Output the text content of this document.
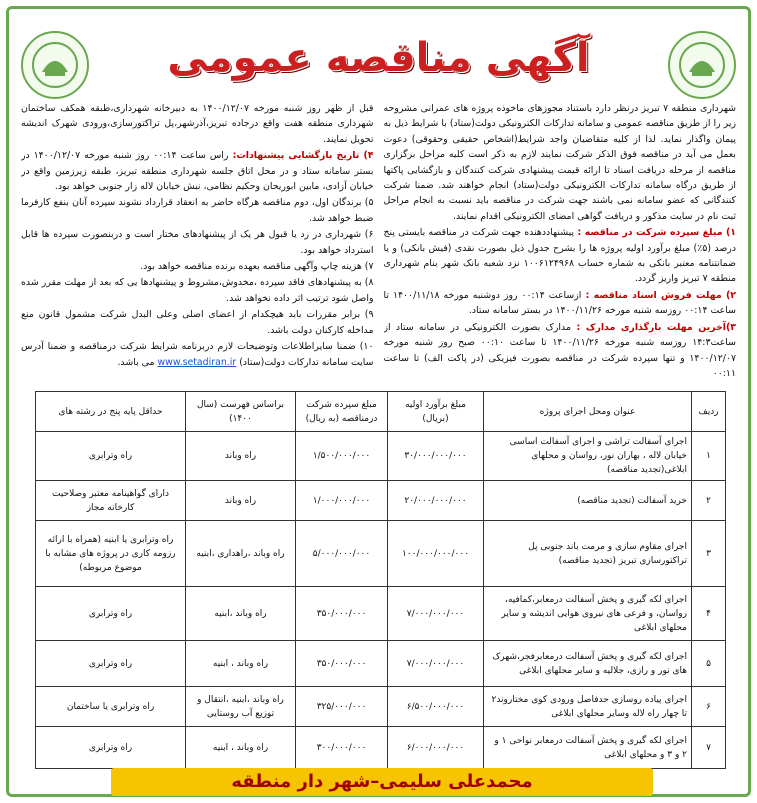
آگهی مناقصه عمومی

شهرداری منطقه ۷ تبریز درنظر دارد باستناد مجوزهای ماخوذه پروژه های عمرانی مشروحه زیر را از طریق مناقصه عمومی و سامانه تدارکات الکترونیکی دولت(ستاد) با شرایط ذیل به پیمان واگذار نماید. لذا از کلیه متقاضیان واجد شرایط(اشخاص حقیقی وحقوقی) دعوت بعمل می آید در مناقصه فوق الذکر شرکت نمایند لازم به ذکر است کلیه مراحل برگزاری مناقصه از مرحله دریافت اسناد تا ارائه قیمت پیشنهادی شرکت کنندگان و بازگشایی پاکتها از طریق درگاه سامانه تدارکات الکترونیکی دولت(ستاد) انجام خواهند شد. ضمنا شرکت کنندگانی که عضو سامانه نمی باشند جهت شرکت در مناقصه باید نسبت به انجام مراحل ثبت نام در سایت مذکور و دریافت گواهی امضای الکترونیکی اقدام نمایند.

۱) مبلغ سپرده شرکت در مناقصه : پیشنهاددهنده جهت شرکت در مناقصه بایستی پنج درصد (۵٪) مبلغ برآورد اولیه پروژه ها را بشرح جدول ذیل بصورت نقدی (فیش بانکی) و یا ضمانتنامه معتبر بانکی به شماره حساب ۱۰۰۶۱۲۴۹۶۸ نزد شعبه بانک شهر بنام شهرداری منطقه ۷ تبریز واریز گردد.

۲) مهلت فروش اسناد مناقصه : ازساعت ۰۰:۱۴ روز دوشنبه مورخه ۱۴۰۰/۱۱/۱۸ تا ساعت ۰۰:۱۴ روزسه شنبه مورخه ۱۴۰۰/۱۱/۲۶ در بستر سامانه ستاد.

۳)آخرین مهلت بارگذاری مدارک : مدارک بصورت الکترونیکی در سامانه ستاد از ساعت۱۴:۳ روزسه شنبه مورخه ۱۴۰۰/۱۱/۲۶ تا ساعت ۰۰:۱۰ صبح روز شنبه مورخه ۱۴۰۰/۱۲/۰۷ و تنها سپرده شرکت در مناقصه بصورت فیزیکی (در پاکت الف) تا ساعت ۰۰:۱۱

قبل از ظهر روز شنبه مورخه ۱۴۰۰/۱۲/۰۷ به دبیرخانه شهرداری،طبقه همکف ساختمان شهرداری منطقه هفت واقع درجاده تبریز،آذرشهر،پل تراکتورسازی،ورودی شهرک اندیشه تحویل نمایند.

۴) تاریخ بازگشایی پیشنهادات: راس ساعت ۰۰:۱۴ روز شنبه مورخه ۱۴۰۰/۱۲/۰۷ در بستر سامانه ستاد و در محل اتاق جلسه شهرداری منطقه تبریز، طبقه زیرزمین واقع در خیابان آزادی، مابین ابوریحان وحکیم نظامی، نبش خیابان لاله زار جنوبی خواهد بود.

۵) برندگان اول، دوم مناقصه هرگاه حاضر به انعقاد قرارداد نشوند سپرده آنان بنفع کارفرما ضبط خواهد شد.

۶) شهرداری در رد یا قبول هر یک از پیشنهادهای مختار است و دربنصورت سپرده ها قابل استرداد خواهد بود.

۷) هزینه چاپ وآگهی مناقصه بعهده برنده مناقصه خواهد بود.

۸) به پیشنهادهای فاقد سپرده ،مخدوش،مشروط و پیشنهادها یی که بعد از مهلت مقرر شده واصل شود ترتیب اثر داده نخواهد شد.

۹) برابر مقررات بابد هیچکدام از اعضای اصلی وعلی البدل شرکت مشمول قانون منع مداخله کارکنان دولت باشد.

۱۰) ضمنا سایراطلاعات وتوضیحات لازم دربرنامه شرایط شرکت درمناقصه و ضمنا آدرس سایت سامانه تدارکات دولت(ستاد) www.setadiran.ir می باشد.

ردیف	عنوان ومحل اجرای پروژه	مبلغ برآورد اولیه (بریال)	مبلغ سپرده شرکت درمناقصه (به ریال)	براساس فهرست (سال ۱۴۰۰)	حداقل پایه پنج در رشته های
۱	اجرای آسفالت تراشی و اجرای آسفالت اساسی خیابان لاله ، بهاران نور، رواسان و محلهای ابلاغی(تجدید مناقصه)	۳۰/۰۰۰/۰۰۰/۰۰۰	۱/۵۰۰/۰۰۰/۰۰۰	راه وباند	راه وترابری
۲	خرید آسفالت (تجدید مناقصه)	۲۰/۰۰۰/۰۰۰/۰۰۰	۱/۰۰۰/۰۰۰/۰۰۰	راه وباند	دارای گواهینامه معتبر وصلاحیت کارخانه مجاز
۳	اجرای مقاوم سازی و مرمت باند جنوبی پل تراکتورسازی تبریز (تجدید مناقصه)	۱۰۰/۰۰۰/۰۰۰/۰۰۰	۵/۰۰۰/۰۰۰/۰۰۰	راه وباند ،راهداری ،ابنیه	راه وترابری یا ابنیه (همراه با ارائه رزومه کاری در پروژه های مشابه با موضوع مربوطه)
۴	اجرای لکه گیری و پخش آسفالت درمعابر،کمافیه، رواسان، و فرعی های نیروی هوایی اندیشه و سایر محلهای ابلاغی	۷/۰۰۰/۰۰۰/۰۰۰	۳۵۰/۰۰۰/۰۰۰	راه وباند ،ابنیه	راه وترابری
۵	اجرای لکه گیری و پخش آسفالت درمعابرفجر،شهرک های نور و رازی، جلالیه و سایر محلهای ابلاغی	۷/۰۰۰/۰۰۰/۰۰۰	۳۵۰/۰۰۰/۰۰۰	راه وباند ، ابنیه	راه وترابری
۶	اجرای پیاده روسازی حدفاصل ورودی کوی مختاروند۲ تا چهار راه لاله وسایر محلهای ابلاغی	۶/۵۰۰/۰۰۰/۰۰۰	۳۲۵/۰۰۰/۰۰۰	راه وباند ،ابنیه ،انتقال و توزیع آب روستایی	راه وترابری یا ساختمان
۷	اجرای لکه گیری و پخش آسفالت درمعابر نواحی ۱ و ۲ و ۳ و محلهای ابلاغی	۶/۰۰۰/۰۰۰/۰۰۰	۳۰۰/۰۰۰/۰۰۰	راه وباند ، ابنیه	راه وترابری
محمدعلی سلیمی–شهر دار منطقه
